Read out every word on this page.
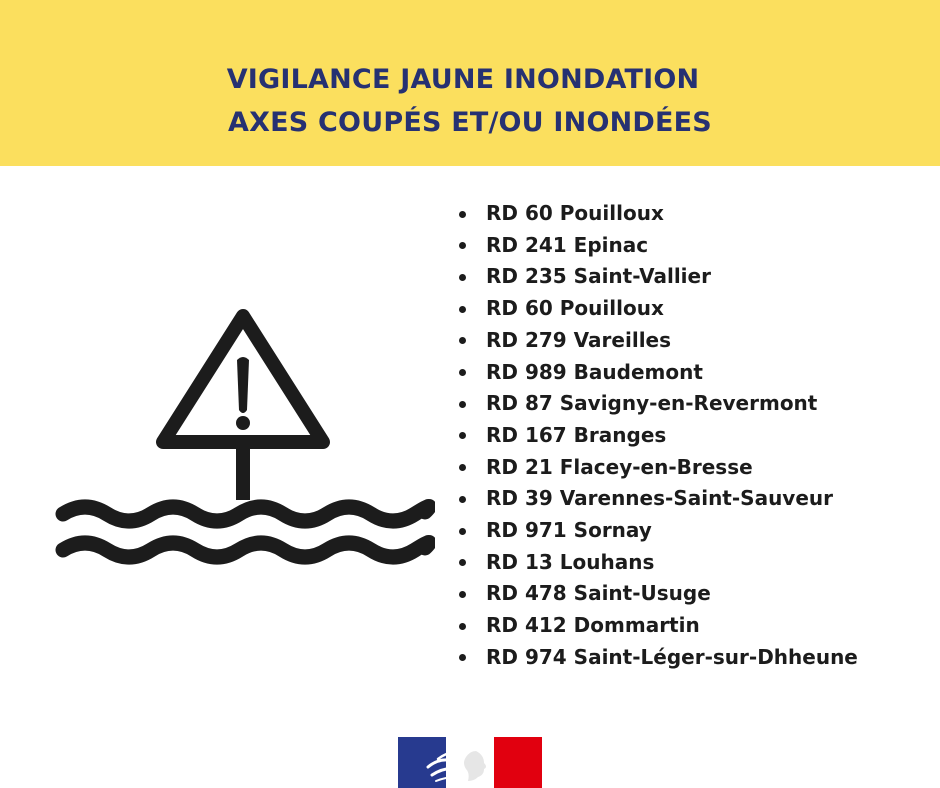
VIGILANCE JAUNE INONDATION
AXES COUPÉS ET/OU INONDÉES
RD 60 Pouilloux
RD 241 Epinac
RD 235 Saint-Vallier
RD 60 Pouilloux
RD 279 Vareilles
RD 989 Baudemont
RD 87 Savigny-en-Revermont
RD 167 Branges
RD 21 Flacey-en-Bresse
RD 39 Varennes-Saint-Sauveur
RD 971 Sornay
RD 13 Louhans
RD 478 Saint-Usuge
RD 412 Dommartin
RD 974 Saint-Léger-sur-Dhheune
